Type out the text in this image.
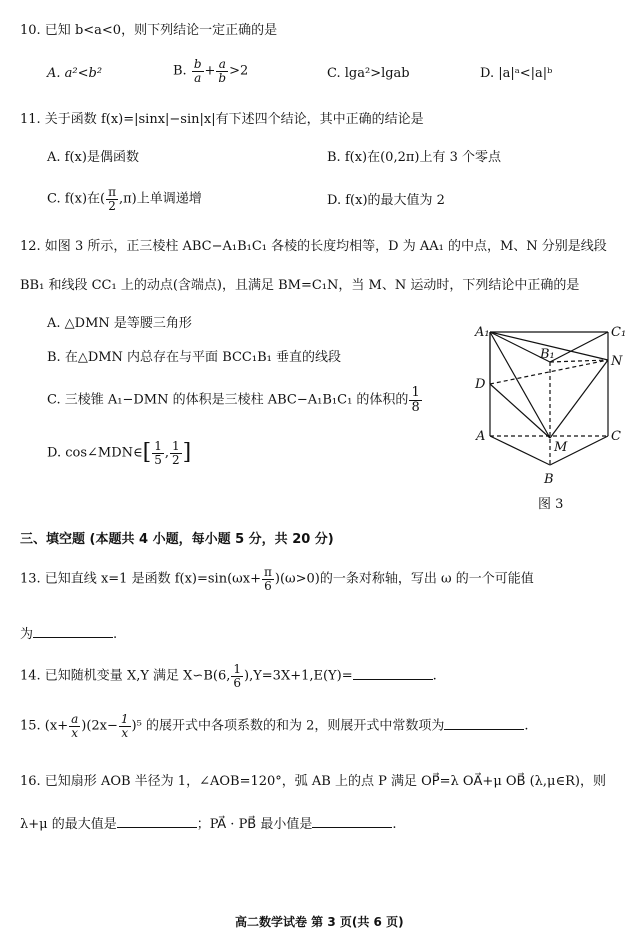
10. 已知 b<a<0，则下列结论一定正确的是
A. a²<b²	B. $\frac{b}{a} + \frac{a}{b} >2$	C. lga²>lgab	D. |a|ᵃ<|a|ᵇ
11. 关于函数 f(x)=|sinx|−sin|x|有下述四个结论，其中正确的结论是
A. f(x)是偶函数	B. f(x)在(0,2π)上有 3 个零点
C. f(x)在( $\frac{\pi}{2} ,\pi$)上单调递增	D. f(x)的最大值为 2
12. 如图 3 所示，正三棱柱 ABC−A₁B₁C₁ 各棱的长度均相等，D 为 AA₁ 的中点，M、N 分别是线段
BB₁ 和线段 CC₁ 上的动点(含端点)，且满足 BM=C₁N，当 M、N 运动时，下列结论中正确的是
A. △DMN 是等腰三角形
B. 在△DMN 内总存在与平面 BCC₁B₁ 垂直的线段
C. 三棱锥 A₁−DMN 的体积是三棱柱 ABC−A₁B₁C₁ 的体积的 $\frac{1}{8}$
D. cos∠MDN∈[ $\frac{1}{5}$ , $\frac{1}{2}$ ]
A₁	C₁
B₁	N
D
A	C
M
B
图 3
三、填空题 (本题共 4 小题，每小题 5 分，共 20 分)
13. 已知直线 x=1 是函数 $f(x)=\sin(\omega x+ \frac{\pi}{6} )(\omega>0)$的一条对称轴，写出 ω 的一个可能值
为	.
14. 已知随机变量 X,Y 满足 X∽B(6, $\frac{1}{6} ),Y=3X+1,E(Y)=$	.
15. $(x+ \frac{a}{x} )(2x- \frac{1}{x} )^5$ 的展开式中各项系数的和为 2，则展开式中常数项为	.
16. 已知扇形 AOB 半径为 1，∠AOB=120°，弧 AB 上的点 P 满足 OP⃗=λ OA⃗+μ OB⃗ (λ,μ∈R)，则
λ+μ 的最大值是	；PA⃗ · PB⃗ 最小值是	.
高二数学试卷 第 3 页(共 6 页)
